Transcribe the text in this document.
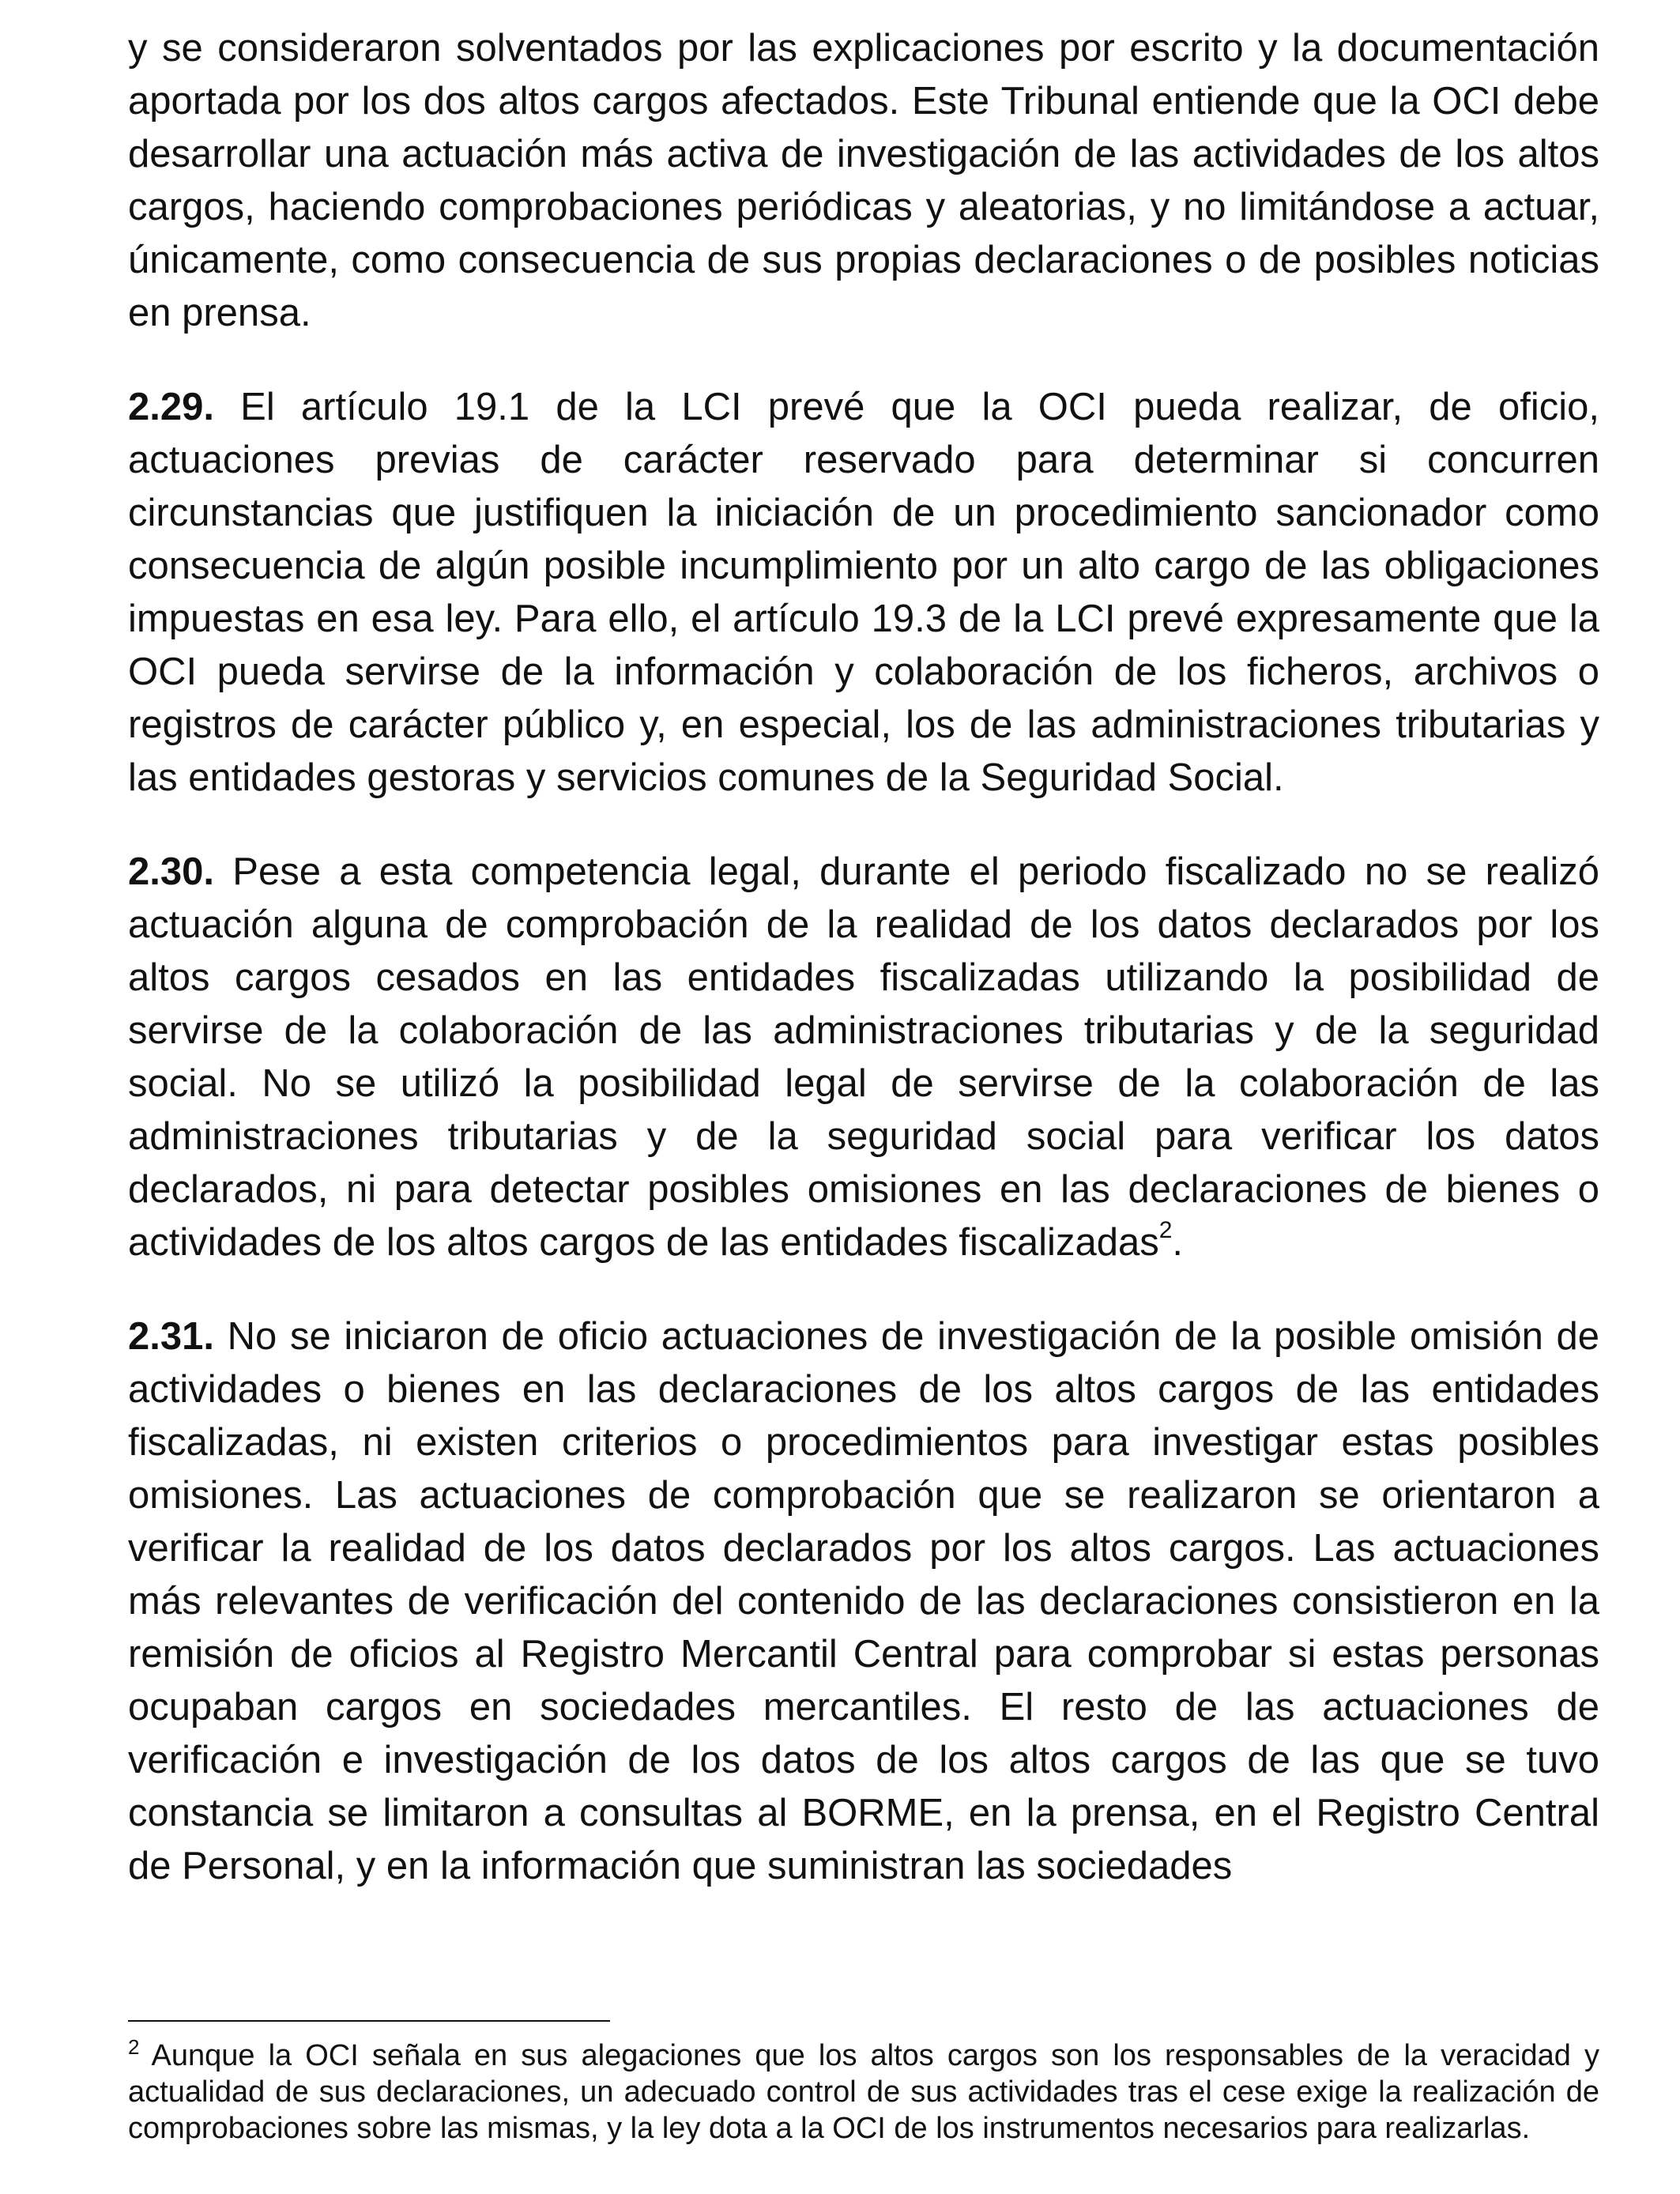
y se consideraron solventados por las explicaciones por escrito y la documentación aportada por los dos altos cargos afectados. Este Tribunal entiende que la OCI debe desarrollar una actuación más activa de investigación de las actividades de los altos cargos, haciendo comprobaciones periódicas y aleatorias, y no limitándose a actuar, únicamente, como consecuencia de sus propias declaraciones o de posibles noticias en prensa.

2.29. El artículo 19.1 de la LCI prevé que la OCI pueda realizar, de oficio, actuaciones previas de carácter reservado para determinar si concurren circunstancias que justifiquen la iniciación de un procedimiento sancionador como consecuencia de algún posible incumplimiento por un alto cargo de las obligaciones impuestas en esa ley. Para ello, el artículo 19.3 de la LCI prevé expresamente que la OCI pueda servirse de la información y colaboración de los ficheros, archivos o registros de carácter público y, en especial, los de las administraciones tributarias y las entidades gestoras y servicios comunes de la Seguridad Social.

2.30. Pese a esta competencia legal, durante el periodo fiscalizado no se realizó actuación alguna de comprobación de la realidad de los datos declarados por los altos cargos cesados en las entidades fiscalizadas utilizando la posibilidad de servirse de la colaboración de las administraciones tributarias y de la seguridad social. No se utilizó la posibilidad legal de servirse de la colaboración de las administraciones tributarias y de la seguridad social para verificar los datos declarados, ni para detectar posibles omisiones en las declaraciones de bienes o actividades de los altos cargos de las entidades fiscalizadas$^2$.

2.31. No se iniciaron de oficio actuaciones de investigación de la posible omisión de actividades o bienes en las declaraciones de los altos cargos de las entidades fiscalizadas, ni existen criterios o procedimientos para investigar estas posibles omisiones. Las actuaciones de comprobación que se realizaron se orientaron a verificar la realidad de los datos declarados por los altos cargos. Las actuaciones más relevantes de verificación del contenido de las declaraciones consistieron en la remisión de oficios al Registro Mercantil Central para comprobar si estas personas ocupaban cargos en sociedades mercantiles. El resto de las actuaciones de verificación e investigación de los datos de los altos cargos de las que se tuvo constancia se limitaron a consultas al BORME, en la prensa, en el Registro Central de Personal, y en la información que suministran las sociedades

$^2$ Aunque la OCI señala en sus alegaciones que los altos cargos son los responsables de la veracidad y actualidad de sus declaraciones, un adecuado control de sus actividades tras el cese exige la realización de comprobaciones sobre las mismas, y la ley dota a la OCI de los instrumentos necesarios para realizarlas.
